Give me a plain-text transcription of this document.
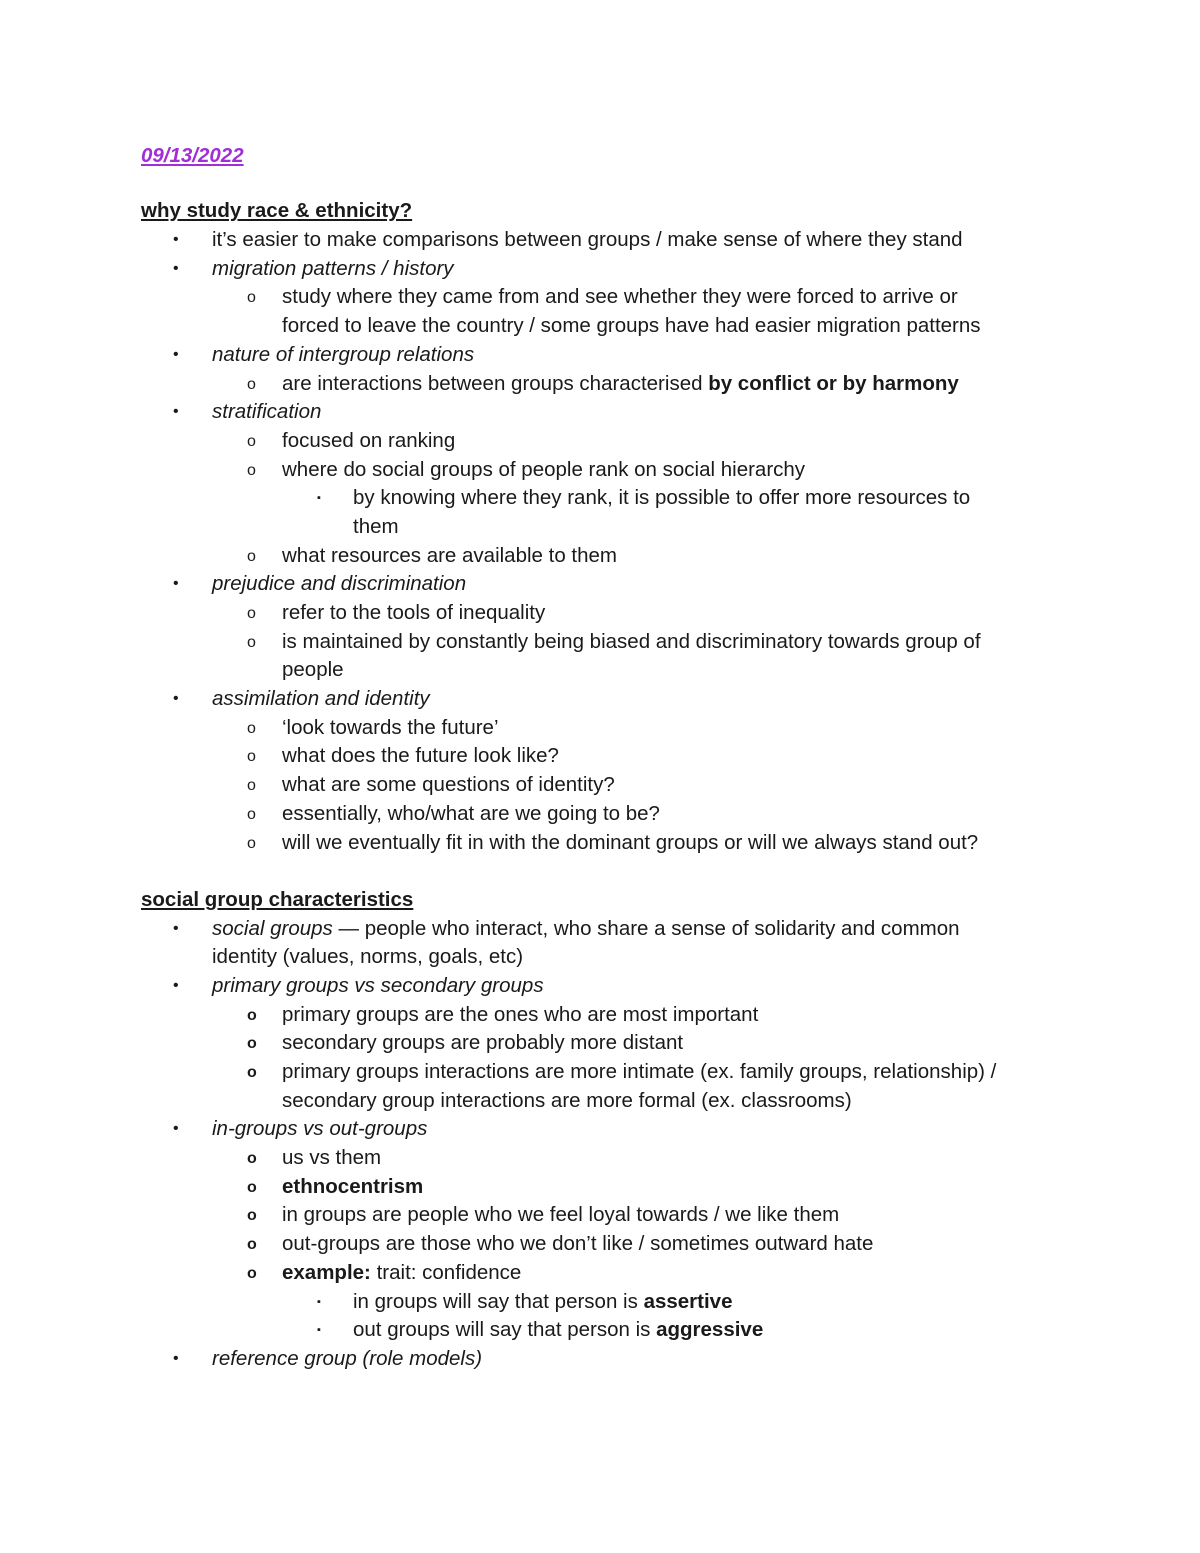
09/13/2022
why study race & ethnicity?
• it’s easier to make comparisons between groups / make sense of where they stand
• migration patterns / history
o study where they came from and see whether they were forced to arrive or
forced to leave the country / some groups have had easier migration patterns
• nature of intergroup relations
o are interactions between groups characterised by conflict or by harmony
• stratification
o focused on ranking
o where do social groups of people rank on social hierarchy
▪ by knowing where they rank, it is possible to offer more resources to
them
o what resources are available to them
• prejudice and discrimination
o refer to the tools of inequality
o is maintained by constantly being biased and discriminatory towards group of
people
• assimilation and identity
o ‘look towards the future’
o what does the future look like?
o what are some questions of identity?
o essentially, who/what are we going to be?
o will we eventually fit in with the dominant groups or will we always stand out?
social group characteristics
• social groups — people who interact, who share a sense of solidarity and common
identity (values, norms, goals, etc)
• primary groups vs secondary groups
o primary groups are the ones who are most important
o secondary groups are probably more distant
o primary groups interactions are more intimate (ex. family groups, relationship) /
secondary group interactions are more formal (ex. classrooms)
• in-groups vs out-groups
o us vs them
o ethnocentrism
o in groups are people who we feel loyal towards / we like them
o out-groups are those who we don’t like / sometimes outward hate
o example: trait: confidence
▪ in groups will say that person is assertive
▪ out groups will say that person is aggressive
• reference group (role models)
